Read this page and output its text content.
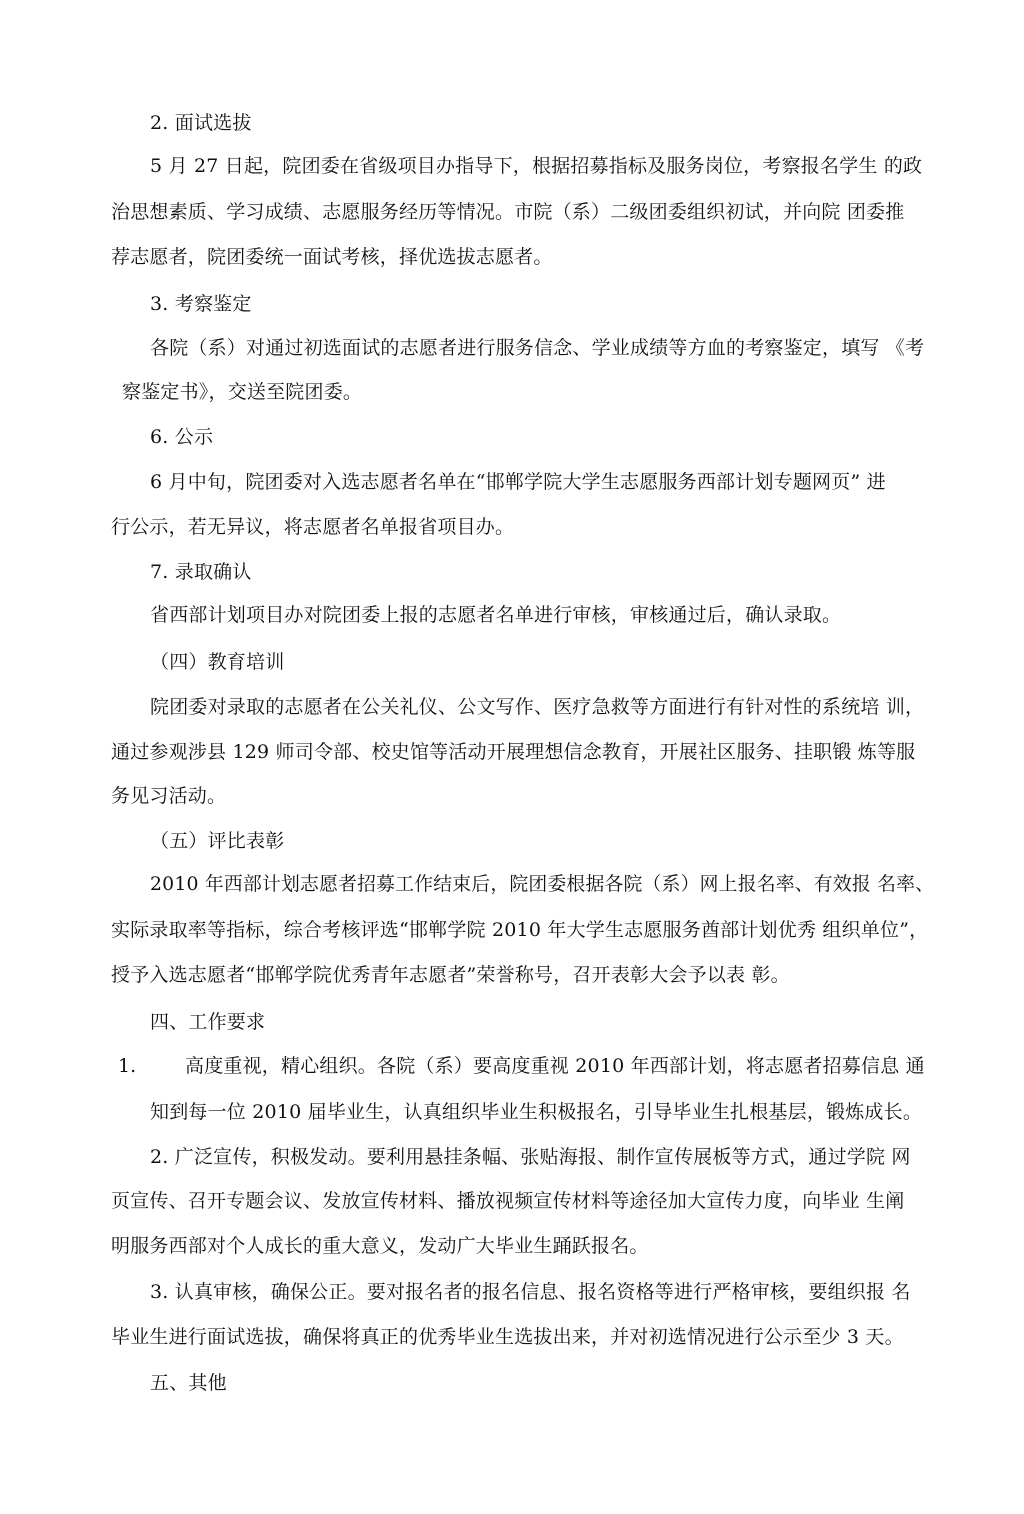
2. 面试选拔
5 月 27 日起，院团委在省级项目办指导下，根据招募指标及服务岗位，考察报名学生 的政
治思想素质、学习成绩、志愿服务经历等情况。市院（系）二级团委组织初试，并向院 团委推
荐志愿者，院团委统一面试考核，择优选拔志愿者。
3. 考察鉴定
各院（系）对通过初选面试的志愿者进行服务信念、学业成绩等方血的考察鉴定，填写 《考
察鉴定书》，交送至院团委。
6. 公示
6 月中旬，院团委对入选志愿者名单在“邯郸学院大学生志愿服务西部计划专题网页” 进
行公示，若无异议，将志愿者名单报省项目办。
7. 录取确认
省西部计划项目办对院团委上报的志愿者名单进行审核，审核通过后，确认录取。
（四）教育培训
院团委对录取的志愿者在公关礼仪、公文写作、医疗急救等方面进行有针对性的系统培 训，
通过参观涉县 129 师司令部、校史馆等活动开展理想信念教育，开展社区服务、挂职锻 炼等服
务见习活动。
（五）评比表彰
2010 年西部计划志愿者招募工作结束后，院团委根据各院（系）网上报名率、有效报 名率、
实际录取率等指标，综合考核评选“邯郸学院 2010 年大学生志愿服务酋部计划优秀 组织单位”，
授予入选志愿者“邯郸学院优秀青年志愿者”荣誉称号，召开表彰大会予以表 彰。
四、工作要求
1.	高度重视，精心组织。各院（系）要高度重视 2010 年西部计划，将志愿者招募信息 通
知到每一位 2010 届毕业生，认真组织毕业生积极报名，引导毕业生扎根基层，锻炼成长。
2. 广泛宣传，积极发动。要利用悬挂条幅、张贴海报、制作宣传展板等方式，通过学院 网
页宣传、召开专题会议、发放宣传材料、播放视频宣传材料等途径加大宣传力度，向毕业 生阐
明服务西部对个人成长的重大意义，发动广大毕业生踊跃报名。
3. 认真审核，确保公正。要对报名者的报名信息、报名资格等进行严格审核，要组织报 名
毕业生进行面试选拔，确保将真正的优秀毕业生选拔出来，并对初选情况进行公示至少 3 天。
五、其他
